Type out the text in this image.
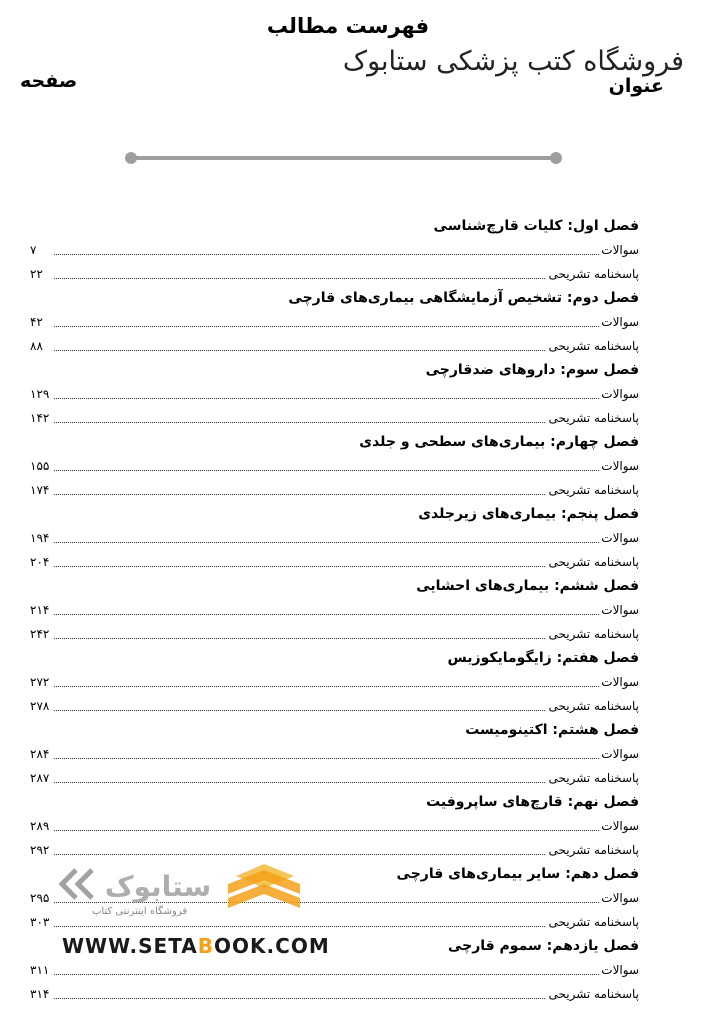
فهرست مطالب
فروشگاه کتب پزشکی ستابوک
عنوان
صفحه
فصل اول: کلیات قارچ‌شناسی
سوالات
۷
پاسخنامه تشریحی
۲۲
فصل دوم: تشخیص آزمایشگاهی بیماری‌های قارچی
سوالات
۴۲
پاسخنامه تشریحی
۸۸
فصل سوم: داروهای ضدقارچی
سوالات
۱۲۹
پاسخنامه تشریحی
۱۴۲
فصل چهارم: بیماری‌های سطحی و جلدی
سوالات
۱۵۵
پاسخنامه تشریحی
۱۷۴
فصل پنجم: بیماری‌های زیرجلدی
سوالات
۱۹۴
پاسخنامه تشریحی
۲۰۴
فصل ششم: بیماری‌های احشایی
سوالات
۲۱۴
پاسخنامه تشریحی
۲۴۲
فصل هفتم: زایگومایکوزیس
سوالات
۲۷۲
پاسخنامه تشریحی
۲۷۸
فصل هشتم: اکتینومیست
سوالات
۲۸۴
پاسخنامه تشریحی
۲۸۷
فصل نهم: قارچ‌های ساپروفیت
سوالات
۲۸۹
پاسخنامه تشریحی
۲۹۲
فصل دهم: سایر بیماری‌های قارچی
سوالات
۲۹۵
پاسخنامه تشریحی
۳۰۳
فصل یازدهم: سموم قارچی
سوالات
۳۱۱
پاسخنامه تشریحی
۳۱۴
ستابوک
فروشگاه اینترنتی کتاب
WWW.SETABOOK.COM
